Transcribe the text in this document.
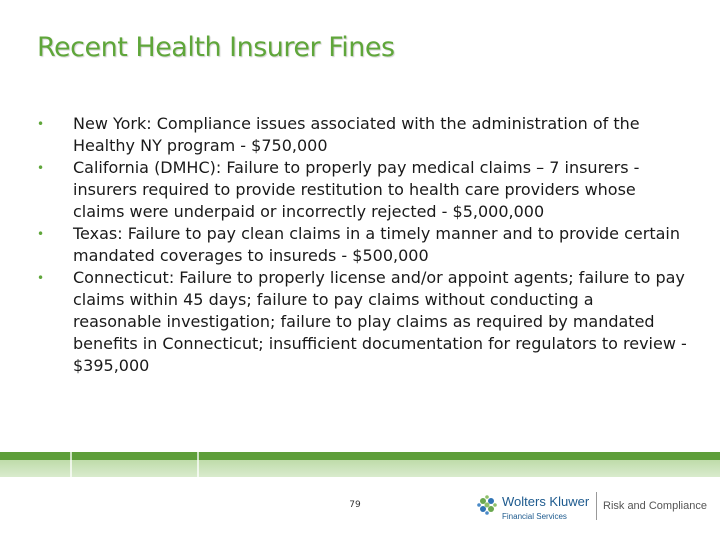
Recent Health Insurer Fines
• New York: Compliance issues associated with the administration of the Healthy NY program - $750,000
• California (DMHC): Failure to properly pay medical claims – 7 insurers - insurers required to provide restitution to health care providers whose claims were underpaid or incorrectly rejected - $5,000,000
• Texas: Failure to pay clean claims in a timely manner and to provide certain mandated coverages to insureds - $500,000
• Connecticut: Failure to properly license and/or appoint agents; failure to pay claims within 45 days; failure to pay claims without conducting a reasonable investigation; failure to play claims as required by mandated benefits in Connecticut; insufficient documentation for regulators to review - $395,000
79	Wolters Kluwer
Financial Services
Risk and Compliance
